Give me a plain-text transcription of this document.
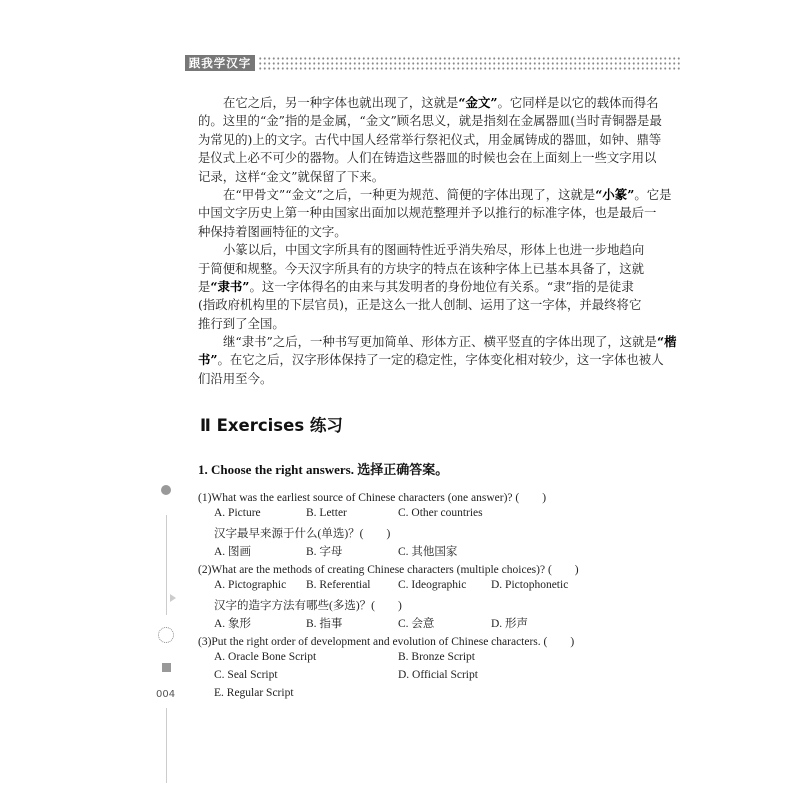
跟我学汉字
在它之后，另一种字体也就出现了，这就是“金文”。它同样是以它的载体而得名
的。这里的“金”指的是金属，“金文”顾名思义，就是指刻在金属器皿(当时青铜器是最
为常见的)上的文字。古代中国人经常举行祭祀仪式，用金属铸成的器皿，如钟、鼎等
是仪式上必不可少的器物。人们在铸造这些器皿的时候也会在上面刻上一些文字用以
记录，这样“金文”就保留了下来。
在“甲骨文”“金文”之后，一种更为规范、简便的字体出现了，这就是“小篆”。它是
中国文字历史上第一种由国家出面加以规范整理并予以推行的标准字体，也是最后一
种保持着图画特征的文字。
小篆以后，中国文字所具有的图画特性近乎消失殆尽，形体上也进一步地趋向
于简便和规整。今天汉字所具有的方块字的特点在该种字体上已基本具备了，这就
是“隶书”。这一字体得名的由来与其发明者的身份地位有关系。“隶”指的是徒隶
(指政府机构里的下层官员)，正是这么一批人创制、运用了这一字体，并最终将它
推行到了全国。
继“隶书”之后，一种书写更加简单、形体方正、横平竖直的字体出现了，这就是“楷
书”。在它之后，汉字形体保持了一定的稳定性，字体变化相对较少，这一字体也被人
们沿用至今。
Ⅱ Exercises 练习
1. Choose the right answers. 选择正确答案。
(1)What was the earliest source of Chinese characters (one answer)? (　　)
A. Picture	B. Letter	C. Other countries
汉字最早来源于什么(单选)？(　　)
A. 图画	B. 字母	C. 其他国家
(2)What are the methods of creating Chinese characters (multiple choices)? (　　)
A. Pictographic B. Referential C. Ideographic D. Pictophonetic
汉字的造字方法有哪些(多选)？(　　)
A. 象形	B. 指事	C. 会意	D. 形声
(3)Put the right order of development and evolution of Chinese characters. (　　)
A. Oracle Bone Script	B. Bronze Script
C. Seal Script	D. Official Script
E. Regular Script
004
